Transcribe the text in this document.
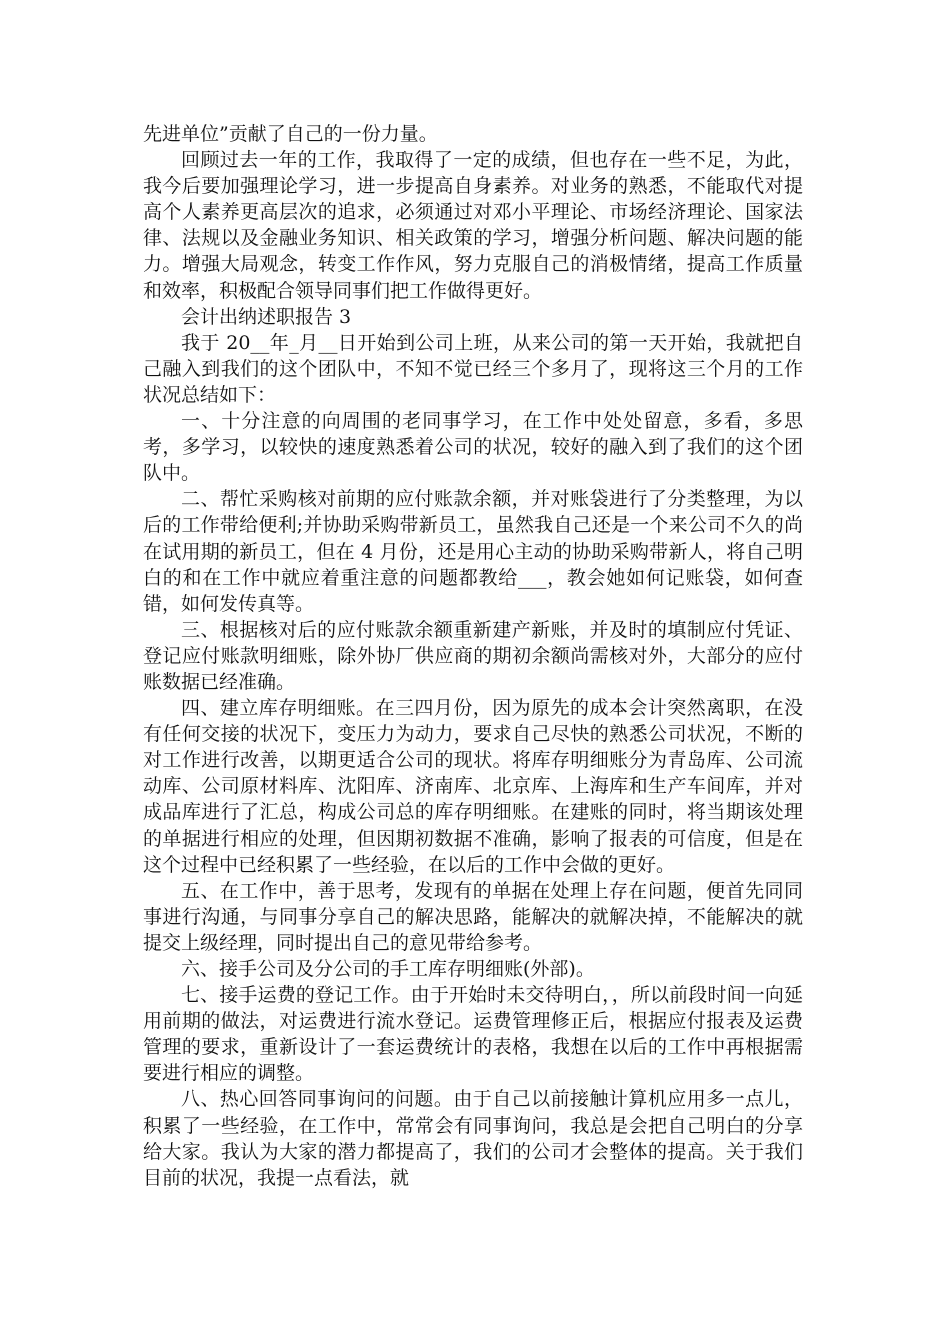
先进单位”贡献了自己的一份力量。

回顾过去一年的工作，我取得了一定的成绩，但也存在一些不足，为此，我今后要加强理论学习，进一步提高自身素养。对业务的熟悉，不能取代对提高个人素养更高层次的追求，必须通过对邓小平理论、市场经济理论、国家法律、法规以及金融业务知识、相关政策的学习，增强分析问题、解决问题的能力。增强大局观念，转变工作作风，努力克服自己的消极情绪，提高工作质量和效率，积极配合领导同事们把工作做得更好。

会计出纳述职报告 3

我于 20__年_月__日开始到公司上班，从来公司的第一天开始，我就把自己融入到我们的这个团队中，不知不觉已经三个多月了，现将这三个月的工作状况总结如下：

一、十分注意的向周围的老同事学习，在工作中处处留意，多看，多思考，多学习，以较快的速度熟悉着公司的状况，较好的融入到了我们的这个团队中。

二、帮忙采购核对前期的应付账款余额，并对账袋进行了分类整理，为以后的工作带给便利;并协助采购带新员工，虽然我自己还是一个来公司不久的尚在试用期的新员工，但在 4 月份，还是用心主动的协助采购带新人，将自己明白的和在工作中就应着重注意的问题都教给___，教会她如何记账袋，如何查错，如何发传真等。

三、根据核对后的应付账款余额重新建产新账，并及时的填制应付凭证、登记应付账款明细账，除外协厂供应商的期初余额尚需核对外，大部分的应付账数据已经准确。

四、建立库存明细账。在三四月份，因为原先的成本会计突然离职，在没有任何交接的状况下，变压力为动力，要求自己尽快的熟悉公司状况，不断的对工作进行改善，以期更适合公司的现状。将库存明细账分为青岛库、公司流动库、公司原材料库、沈阳库、济南库、北京库、上海库和生产车间库，并对成品库进行了汇总，构成公司总的库存明细账。在建账的同时，将当期该处理的单据进行相应的处理，但因期初数据不准确，影响了报表的可信度，但是在这个过程中已经积累了一些经验，在以后的工作中会做的更好。

五、在工作中，善于思考，发现有的单据在处理上存在问题，便首先同同事进行沟通，与同事分享自己的解决思路，能解决的就解决掉，不能解决的就提交上级经理，同时提出自己的意见带给参考。

六、接手公司及分公司的手工库存明细账(外部)。

七、接手运费的登记工作。由于开始时未交待明白，，所以前段时间一向延用前期的做法，对运费进行流水登记。运费管理修正后，根据应付报表及运费管理的要求，重新设计了一套运费统计的表格，我想在以后的工作中再根据需要进行相应的调整。

八、热心回答同事询问的问题。由于自己以前接触计算机应用多一点儿，积累了一些经验，在工作中，常常会有同事询问，我总是会把自己明白的分享给大家。我认为大家的潜力都提高了，我们的公司才会整体的提高。关于我们目前的状况，我提一点看法，就
